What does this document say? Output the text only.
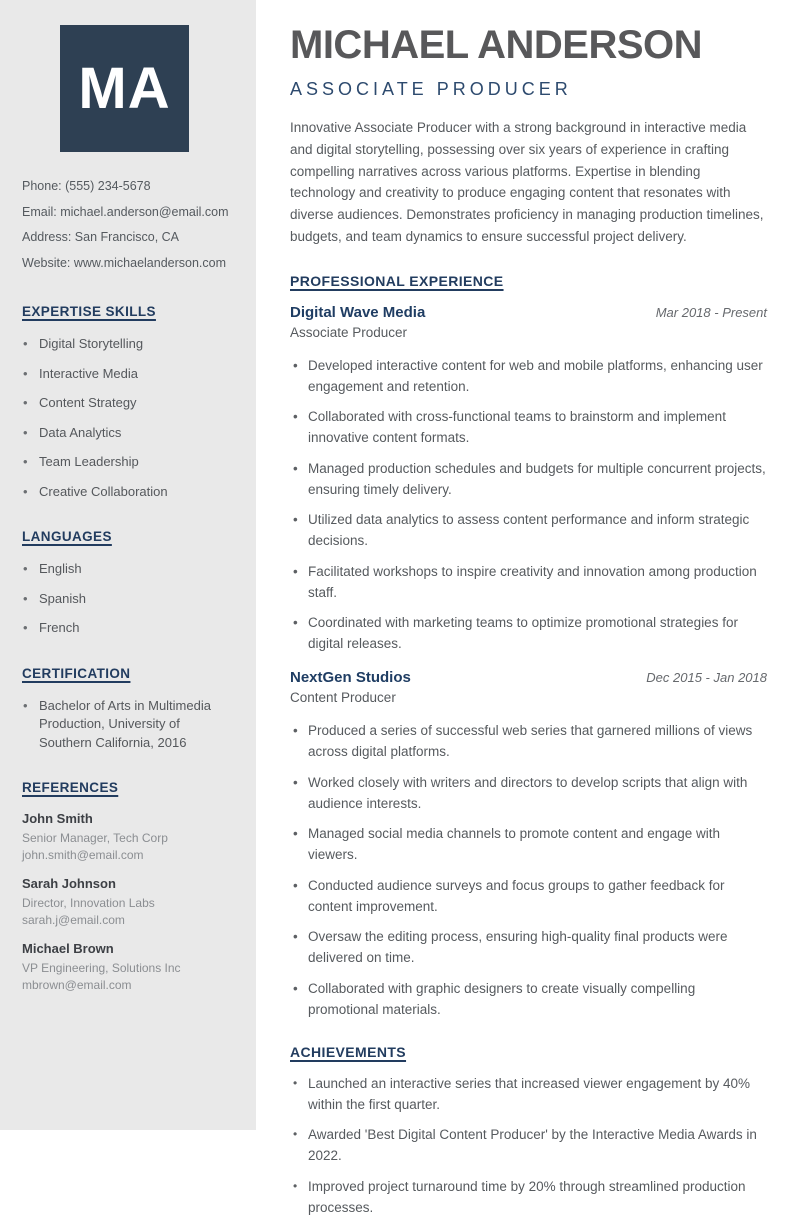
MA
Phone: (555) 234-5678
Email: michael.anderson@email.com
Address: San Francisco, CA
Website: www.michaelanderson.com
EXPERTISE SKILLS
• Digital Storytelling
• Interactive Media
• Content Strategy
• Data Analytics
• Team Leadership
• Creative Collaboration
LANGUAGES
• English
• Spanish
• French
CERTIFICATION
• Bachelor of Arts in Multimedia Production, University of Southern California, 2016
REFERENCES
John Smith
Senior Manager, Tech Corp
john.smith@email.com
Sarah Johnson
Director, Innovation Labs
sarah.j@email.com
Michael Brown
VP Engineering, Solutions Inc
mbrown@email.com
MICHAEL ANDERSON
ASSOCIATE PRODUCER

Innovative Associate Producer with a strong background in interactive media and digital storytelling, possessing over six years of experience in crafting compelling narratives across various platforms. Expertise in blending technology and creativity to produce engaging content that resonates with diverse audiences. Demonstrates proficiency in managing production timelines, budgets, and team dynamics to ensure successful project delivery.

PROFESSIONAL EXPERIENCE
Digital Wave Media	Mar 2018 - Present
Associate Producer
• Developed interactive content for web and mobile platforms, enhancing user engagement and retention.
• Collaborated with cross-functional teams to brainstorm and implement innovative content formats.
• Managed production schedules and budgets for multiple concurrent projects, ensuring timely delivery.
• Utilized data analytics to assess content performance and inform strategic decisions.
• Facilitated workshops to inspire creativity and innovation among production staff.
• Coordinated with marketing teams to optimize promotional strategies for digital releases.
NextGen Studios	Dec 2015 - Jan 2018
Content Producer
• Produced a series of successful web series that garnered millions of views across digital platforms.
• Worked closely with writers and directors to develop scripts that align with audience interests.
• Managed social media channels to promote content and engage with viewers.
• Conducted audience surveys and focus groups to gather feedback for content improvement.
• Oversaw the editing process, ensuring high-quality final products were delivered on time.
• Collaborated with graphic designers to create visually compelling promotional materials.
ACHIEVEMENTS
• Launched an interactive series that increased viewer engagement by 40% within the first quarter.
• Awarded 'Best Digital Content Producer' by the Interactive Media Awards in 2022.
• Improved project turnaround time by 20% through streamlined production processes.
